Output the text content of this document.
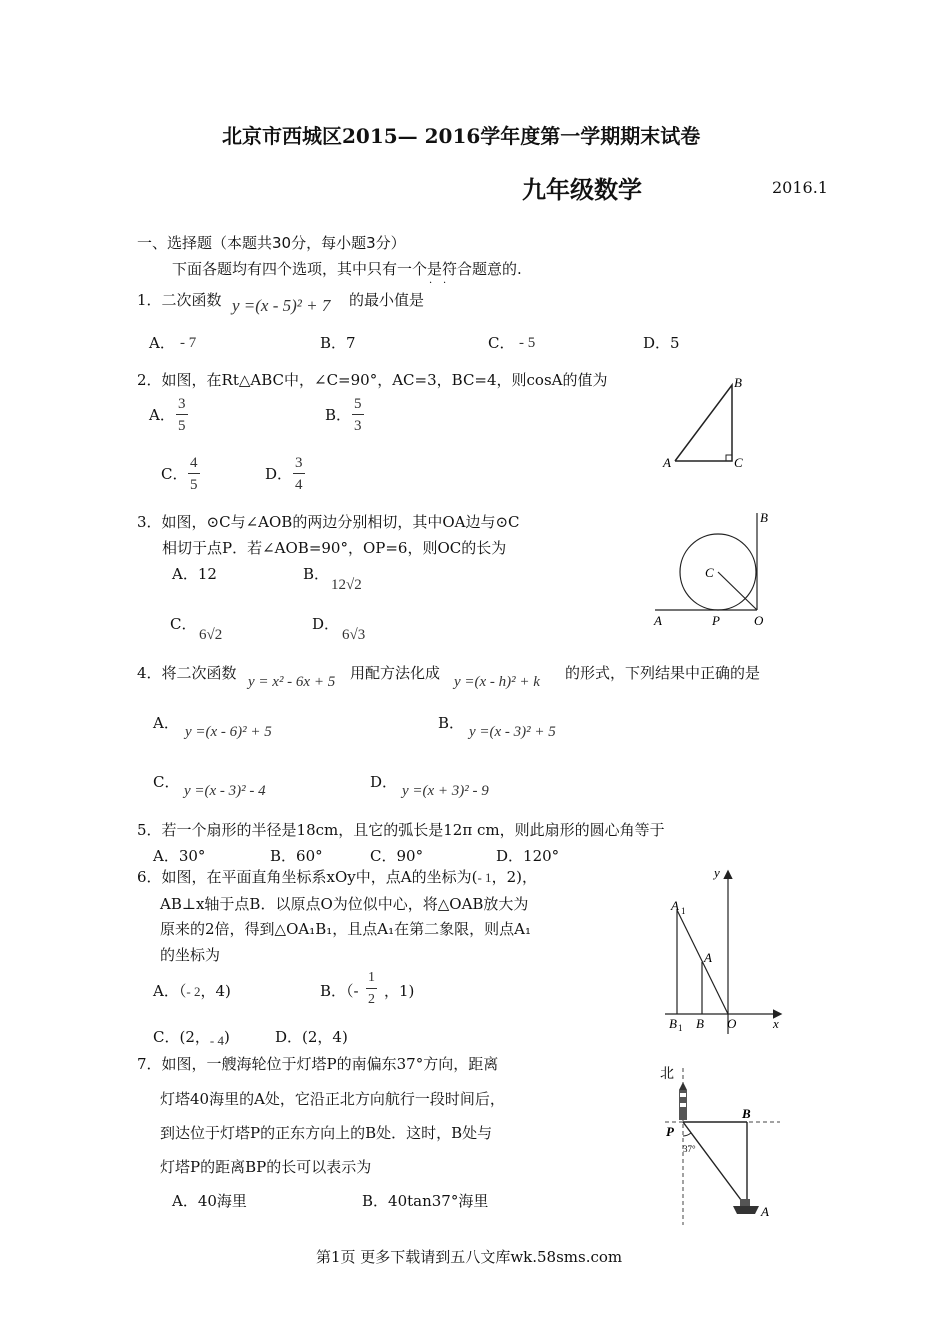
北京市西城区2015— 2016学年度第一学期期末试卷
九年级数学	2016.1
一、选择题（本题共30分，每小题3分）
下面各题均有四个选项，其中只有一个是符合题意的.
· ·
1．二次函数 y =(x - 5)² + 7 的最小值是
A． - 7	B．7	C． - 5	D．5
2．如图，在Rt△ABC中，∠C=90°，AC=3，BC=4，则cosA的值为
A． $\frac{3}{5}$	B． $\frac{5}{3}$
C． $\frac{4}{5}$	D． $\frac{3}{4}$
B
A	C
3．如图，⊙C与∠AOB的两边分别相切，其中OA边与⊙C
相切于点P．若∠AOB=90°，OP=6，则OC的长为
A．12	B．
12√2
C．
6√2
D．
6√3
B
C
A	P	O
4．将二次函数 y = x² - 6x + 5 用配方法化成 y =(x - h)² + k 的形式，下列结果中正确的是
A． y =(x - 6)² + 5	B． y =(x - 3)² + 5
C． y =(x - 3)² - 4	D． y =(x + 3)² - 9
5．若一个扇形的半径是18cm，且它的弧长是12π cm，则此扇形的圆心角等于
A．30°	B．60°	C．90°	D．120°
6．如图，在平面直角坐标系xOy中，点A的坐标为(- 1，2)，
AB⊥x轴于点B．以原点O为位似中心，将△OAB放大为
原来的2倍，得到△OA₁B₁，且点A₁在第二象限，则点A₁
的坐标为
A．（- 2，4)	B．（- $\frac{1}{2}$ ，1)
C．(2，- 4)	D．(2，4)
y
x
A 1
A
B 1 B O
7．如图，一艘海轮位于灯塔P的南偏东37°方向，距离
灯塔40海里的A处，它沿正北方向航行一段时间后，
到达位于灯塔P的正东方向上的B处．这时，B处与
灯塔P的距离BP的长可以表示为
A．40海里	B．40tan37°海里
北
P
B
A
37°
第1页 更多下载请到五八文库wk.58sms.com
